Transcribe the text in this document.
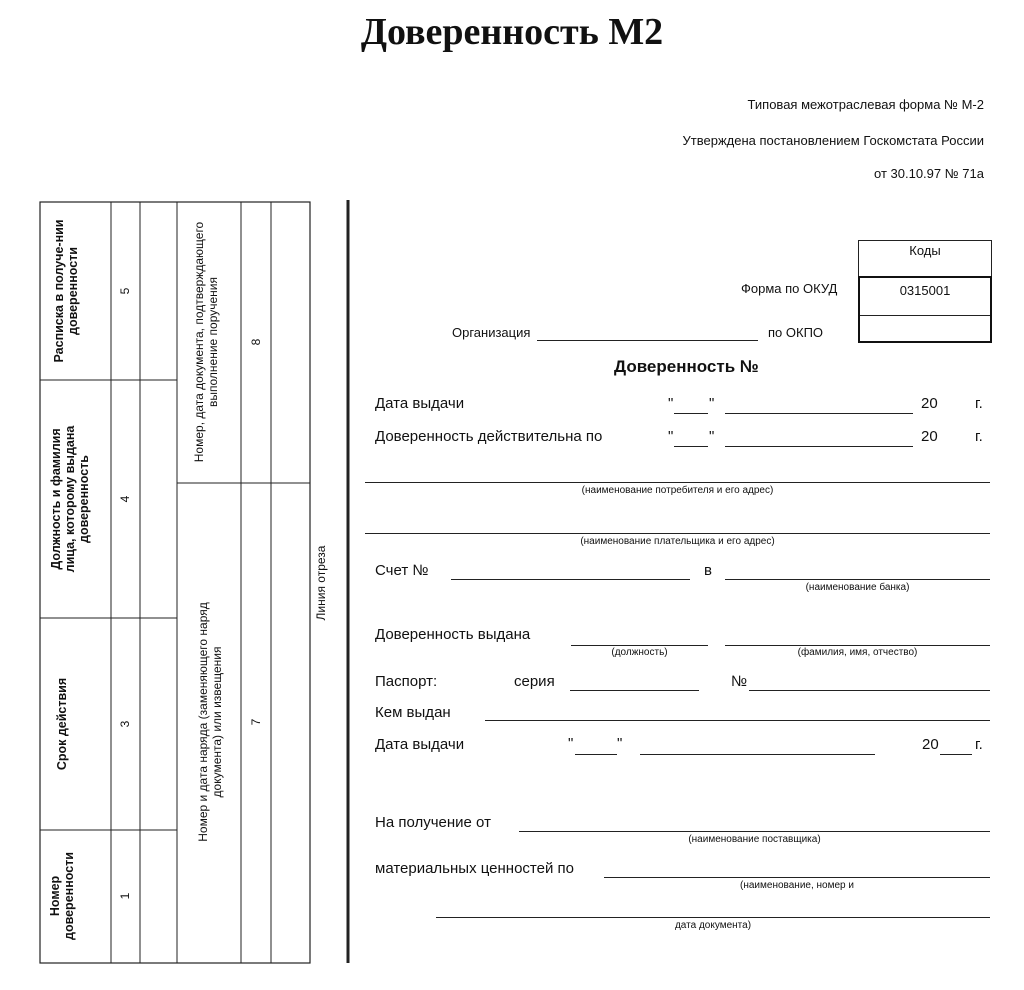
Доверенность М2
Типовая межотраслевая форма № М-2
Утверждена постановлением Госкомстата России
от 30.10.97 № 71а
Номер доверенности	1
Срок действия	3
Должность и фамилия лица, которому выдана доверенность 4
Расписка в получе-нии доверенности	5
Номер и дата наряда (заменяющего наряд документа) или извещения 7
Номер, дата документа, подтверждающего выполнение поручения 8
Линия отреза
Коды
0315001
Форма по ОКУД
по ОКПО
Организация
Доверенность №
Дата выдачи	" "	20 г.
Доверенность действительна по	" "	20 г.
(наименование потребителя и его адрес)
(наименование плательщика и его адрес)
Счет №	в
(наименование банка)
Доверенность выдана
(должность)	(фамилия, имя, отчество)
Паспорт:	серия	№
Кем выдан
Дата выдачи	"	"	20 г.
На получение от
(наименование поставщика)
материальных ценностей по
(наименование, номер и
дата документа)
